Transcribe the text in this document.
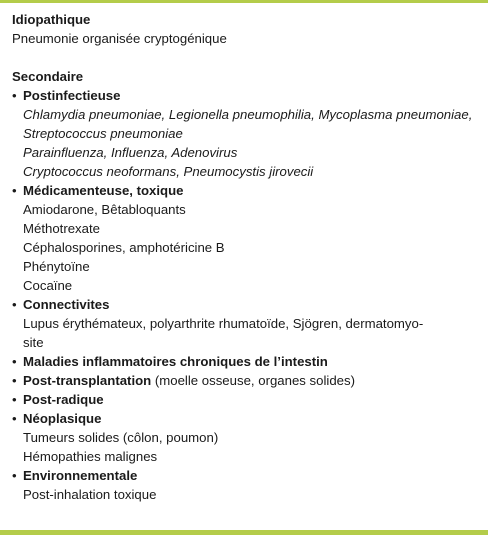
Idiopathique
Pneumonie organisée cryptogénique
Secondaire
• Postinfectieuse
Chlamydia pneumoniae, Legionella pneumophilia, Mycoplasma pneumoniae,
Streptococcus pneumoniae
Parainfluenza, Influenza, Adenovirus
Cryptococcus neoformans, Pneumocystis jirovecii
• Médicamenteuse, toxique
Amiodarone, Bêtabloquants
Méthotrexate
Céphalosporines, amphotéricine B
Phénytoïne
Cocaïne
• Connectivites
Lupus érythémateux, polyarthrite rhumatoïde, Sjögren, dermatomyo-
site
• Maladies inflammatoires chroniques de l’intestin
• Post-transplantation (moelle osseuse, organes solides)
• Post-radique
• Néoplasique
Tumeurs solides (côlon, poumon)
Hémopathies malignes
• Environnementale
Post-inhalation toxique
